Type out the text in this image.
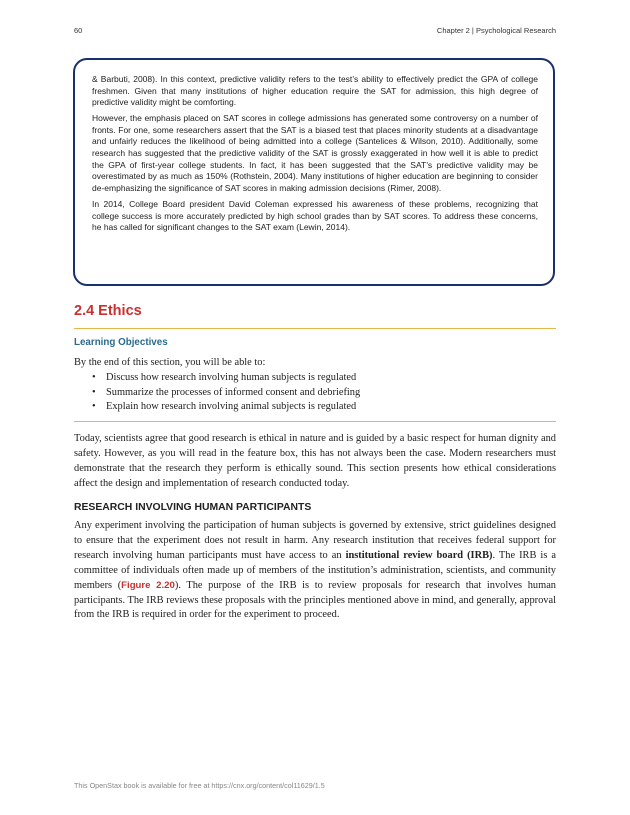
60	Chapter 2 | Psychological Research

& Barbuti, 2008). In this context, predictive validity refers to the test’s ability to effectively predict the GPA of college freshmen. Given that many institutions of higher education require the SAT for admission, this high degree of predictive validity might be comforting.

However, the emphasis placed on SAT scores in college admissions has generated some controversy on a number of fronts. For one, some researchers assert that the SAT is a biased test that places minority students at a disadvantage and unfairly reduces the likelihood of being admitted into a college (Santelices & Wilson, 2010). Additionally, some research has suggested that the predictive validity of the SAT is grossly exaggerated in how well it is able to predict the GPA of first-year college students. In fact, it has been suggested that the SAT’s predictive validity may be overestimated by as much as 150% (Rothstein, 2004). Many institutions of higher education are beginning to consider de-emphasizing the significance of SAT scores in making admission decisions (Rimer, 2008).

In 2014, College Board president David Coleman expressed his awareness of these problems, recognizing that college success is more accurately predicted by high school grades than by SAT scores. To address these concerns, he has called for significant changes to the SAT exam (Lewin, 2014).

2.4 Ethics
Learning Objectives

By the end of this section, you will be able to:

• Discuss how research involving human subjects is regulated
• Summarize the processes of informed consent and debriefing
• Explain how research involving animal subjects is regulated

Today, scientists agree that good research is ethical in nature and is guided by a basic respect for human dignity and safety. However, as you will read in the feature box, this has not always been the case. Modern researchers must demonstrate that the research they perform is ethically sound. This section presents how ethical considerations affect the design and implementation of research conducted today.

RESEARCH INVOLVING HUMAN PARTICIPANTS

Any experiment involving the participation of human subjects is governed by extensive, strict guidelines designed to ensure that the experiment does not result in harm. Any research institution that receives federal support for research involving human participants must have access to an institutional review board (IRB). The IRB is a committee of individuals often made up of members of the institution’s administration, scientists, and community members (Figure 2.20). The purpose of the IRB is to review proposals for research that involves human participants. The IRB reviews these proposals with the principles mentioned above in mind, and generally, approval from the IRB is required in order for the experiment to proceed.

This OpenStax book is available for free at https://cnx.org/content/col11629/1.5
